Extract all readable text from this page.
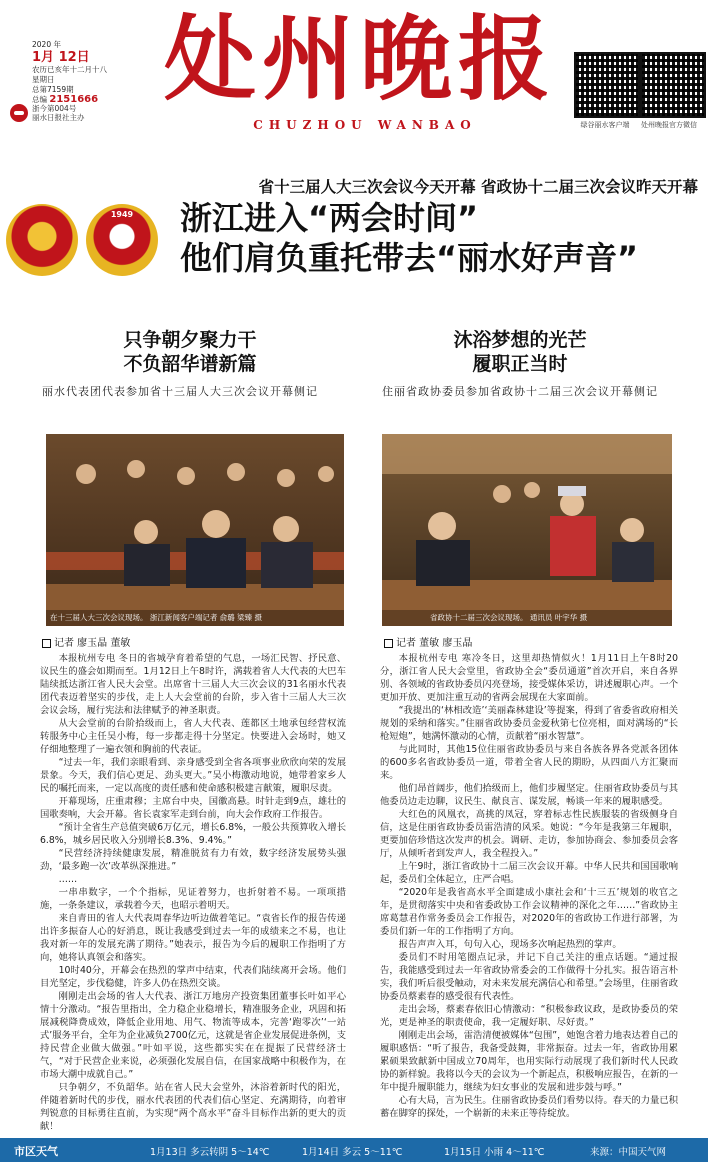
2020 年
1月 12日
农历已亥年十二月十八
星期日
总第7159期
总编 2151666
浙今第004号
丽水日报社主办
处州晚报
CHUZHOU WANBAO	绿谷丽水客户端	处州晚报官方微信
1949
省十三届人大三次会议今天开幕 省政协十二届三次会议昨天开幕
浙江进入“两会时间”
他们肩负重托带去“丽水好声音”
只争朝夕聚力干
不负韶华谱新篇
丽水代表团代表参加省十三届人大三次会议开幕侧记
在十三届人大三次会议现场。 浙江新闻客户端记者 俞璐 梁臻 摄
记者 廖玉晶 董敏

本报杭州专电 冬日的省城孕育着希望的气息，一场汇民智、抒民意、议民生的盛会如期而至。1月12日上午8时许，满载着省人大代表的大巴车陆续抵达浙江省人民大会堂。出席省十三届人大三次会议的31名丽水代表团代表迈着坚实的步伐，走上人大会堂前的台阶，步入省十三届人大三次会议会场，履行宪法和法律赋予的神圣职责。

从大会堂前的台阶拾级而上，省人大代表、莲都区土地承包经营权流转服务中心主任吴小梅，每一步都走得十分坚定。快要进入会场时，她又仔细地整理了一遍衣领和胸前的代表证。

“过去一年，我们亲眼看到、亲身感受到全省各项事业欣欣向荣的发展景象。今天，我们信心更足、劲头更大。”吴小梅激动地说，她带着家乡人民的嘱托而来，一定以高度的责任感和使命感积极建言献策，履职尽责。

开幕现场，庄重肃穆；主席台中央，国徽高悬。时针走到9点，雄壮的国歌奏响，大会开幕。省长袁家军走到台前，向大会作政府工作报告。

“预计全省生产总值突破6万亿元，增长6.8%，一般公共预算收入增长6.8%，城乡居民收入分别增长8.3%、9.4%。”

“民营经济持续健康发展，精准脱贫有力有效，数字经济发展势头强劲，‘最多跑一次’改革纵深推进。”

……

一串串数字，一个个指标，见证着努力，也折射着不易。一项项措施，一条条建议，承载着今天，也昭示着明天。

来自青田的省人大代表周春华边听边做着笔记。“袁省长作的报告传递出许多振奋人心的好消息，既让我感受到过去一年的成绩来之不易，也让我对新一年的发展充满了期待。”她表示，报告为今后的履职工作指明了方向，她将认真领会和落实。

10时40分，开幕会在热烈的掌声中结束，代表们陆续离开会场。他们目光坚定，步伐稳健，许多人仍在热烈交谈。

刚刚走出会场的省人大代表、浙江万地房产投资集团董事长叶如平心情十分激动。“报告里指出，全力稳企业稳增长，精准服务企业，巩固和拓展减税降费成效，降低企业用地、用气、物流等成本，完善‘跑零次’‘一站式’服务平台，全年为企业减负2700亿元，这就是省企业发展促进条例，支持民营企业做大做强。”叶如平说，这些都实实在在提振了民营经济士气，“对于民营企业来说，必须强化发展自信，在国家战略中积极作为，在市场大潮中成就自己。”

只争朝夕，不负韶华。站在省人民大会堂外，沐浴着新时代的阳光，伴随着新时代的步伐，丽水代表团的代表们信心坚定、充满期待，向着审判锐意的目标勇往直前，为实现“两个高水平”奋斗目标作出新的更大的贡献！

沐浴梦想的光芒
履职正当时
住丽省政协委员参加省政协十二届三次会议开幕侧记
省政协十二届三次会议现场。 通讯员 叶宇华 摄
记者 董敏 廖玉晶

本报杭州专电 寒冷冬日，这里却热情似火！1月11日上午8时20分，浙江省人民大会堂里，省政协全会“委员通道”首次开启，来自各界别、各领域的省政协委员闪亮登场，接受媒体采访，讲述履职心声。一个更加开放、更加注重互动的省两会展现在大家面前。

“我提出的‘林相改造’‘美丽森林建设’等提案，得到了省委省政府相关规划的采纳和落实。”住丽省政协委员金爱秋第七位亮相，面对满场的“长枪短炮”，她满怀激动的心情，贡献着“丽水智慧”。

与此同时，其他15位住丽省政协委员与来自各族各界各党派各团体的600多名省政协委员一道，带着全省人民的期盼，从四面八方汇聚而来。

他们昂首阔步，他们拾级而上，他们步履坚定。住丽省政协委员与其他委员边走边聊，议民生、献良言、谋发展，畅谈一年来的履职感受。

大红色的风凰衣，高挑的凤冠，穿着标志性民族服装的省级侧身自信，这是住丽省政协委员雷浩清的风采。她说：“今年是我第三年履职，更要加倍珍惜这次发声的机会。调研、走访，参加协商会、参加委员会客厅，从倾听者到发声人，我全程投入。”

上午9时，浙江省政协十二届三次会议开幕。中华人民共和国国歌响起，委员们全体起立，庄严合唱。

“2020年是我省高水平全面建成小康社会和‘十三五’规划的收官之年，是贯彻落实中央和省委政协工作会议精神的深化之年……”省政协主席葛慧君作常务委员会工作报告，对2020年的省政协工作进行部署，为委员们新一年的工作指明了方向。

报告声声入耳，句句入心，现场多次响起热烈的掌声。

委员们不时用笔圈点记录，并记下自己关注的重点话题。“通过报告，我能感受到过去一年省政协常委会的工作做得十分扎实。报告语言朴实，我们听后很受触动，对未来发展充满信心和希望。”会场里，住丽省政协委员蔡素春的感受很有代表性。

走出会场，蔡素春依旧心情激动：“积极参政议政，是政协委员的荣光，更是神圣的职责使命，我一定履好职、尽好责。”

刚刚走出会场，雷浩清便被媒体“包围”，她饱含着力地表达着自己的履职感悟：“听了报告，我备受鼓舞，非常振奋。过去一年，省政协用累累硕果致献新中国成立70周年，也用实际行动展现了我们新时代人民政协的新样貌。我将以今天的会议为一个新起点，积极响应报告，在新的一年中提升履职能力，继续为妇女事业的发展和进步鼓与呼。”

心有大局，言为民生。住丽省政协委员们看势以待。春天的力量已积蓄在脚穿的探处，一个崭新的未来正等待绽放。

市区天气	1月13日 多云转阴 5～14℃	1月14日 多云 5～11℃	1月15日 小雨 4～11℃	来源：中国天气网
